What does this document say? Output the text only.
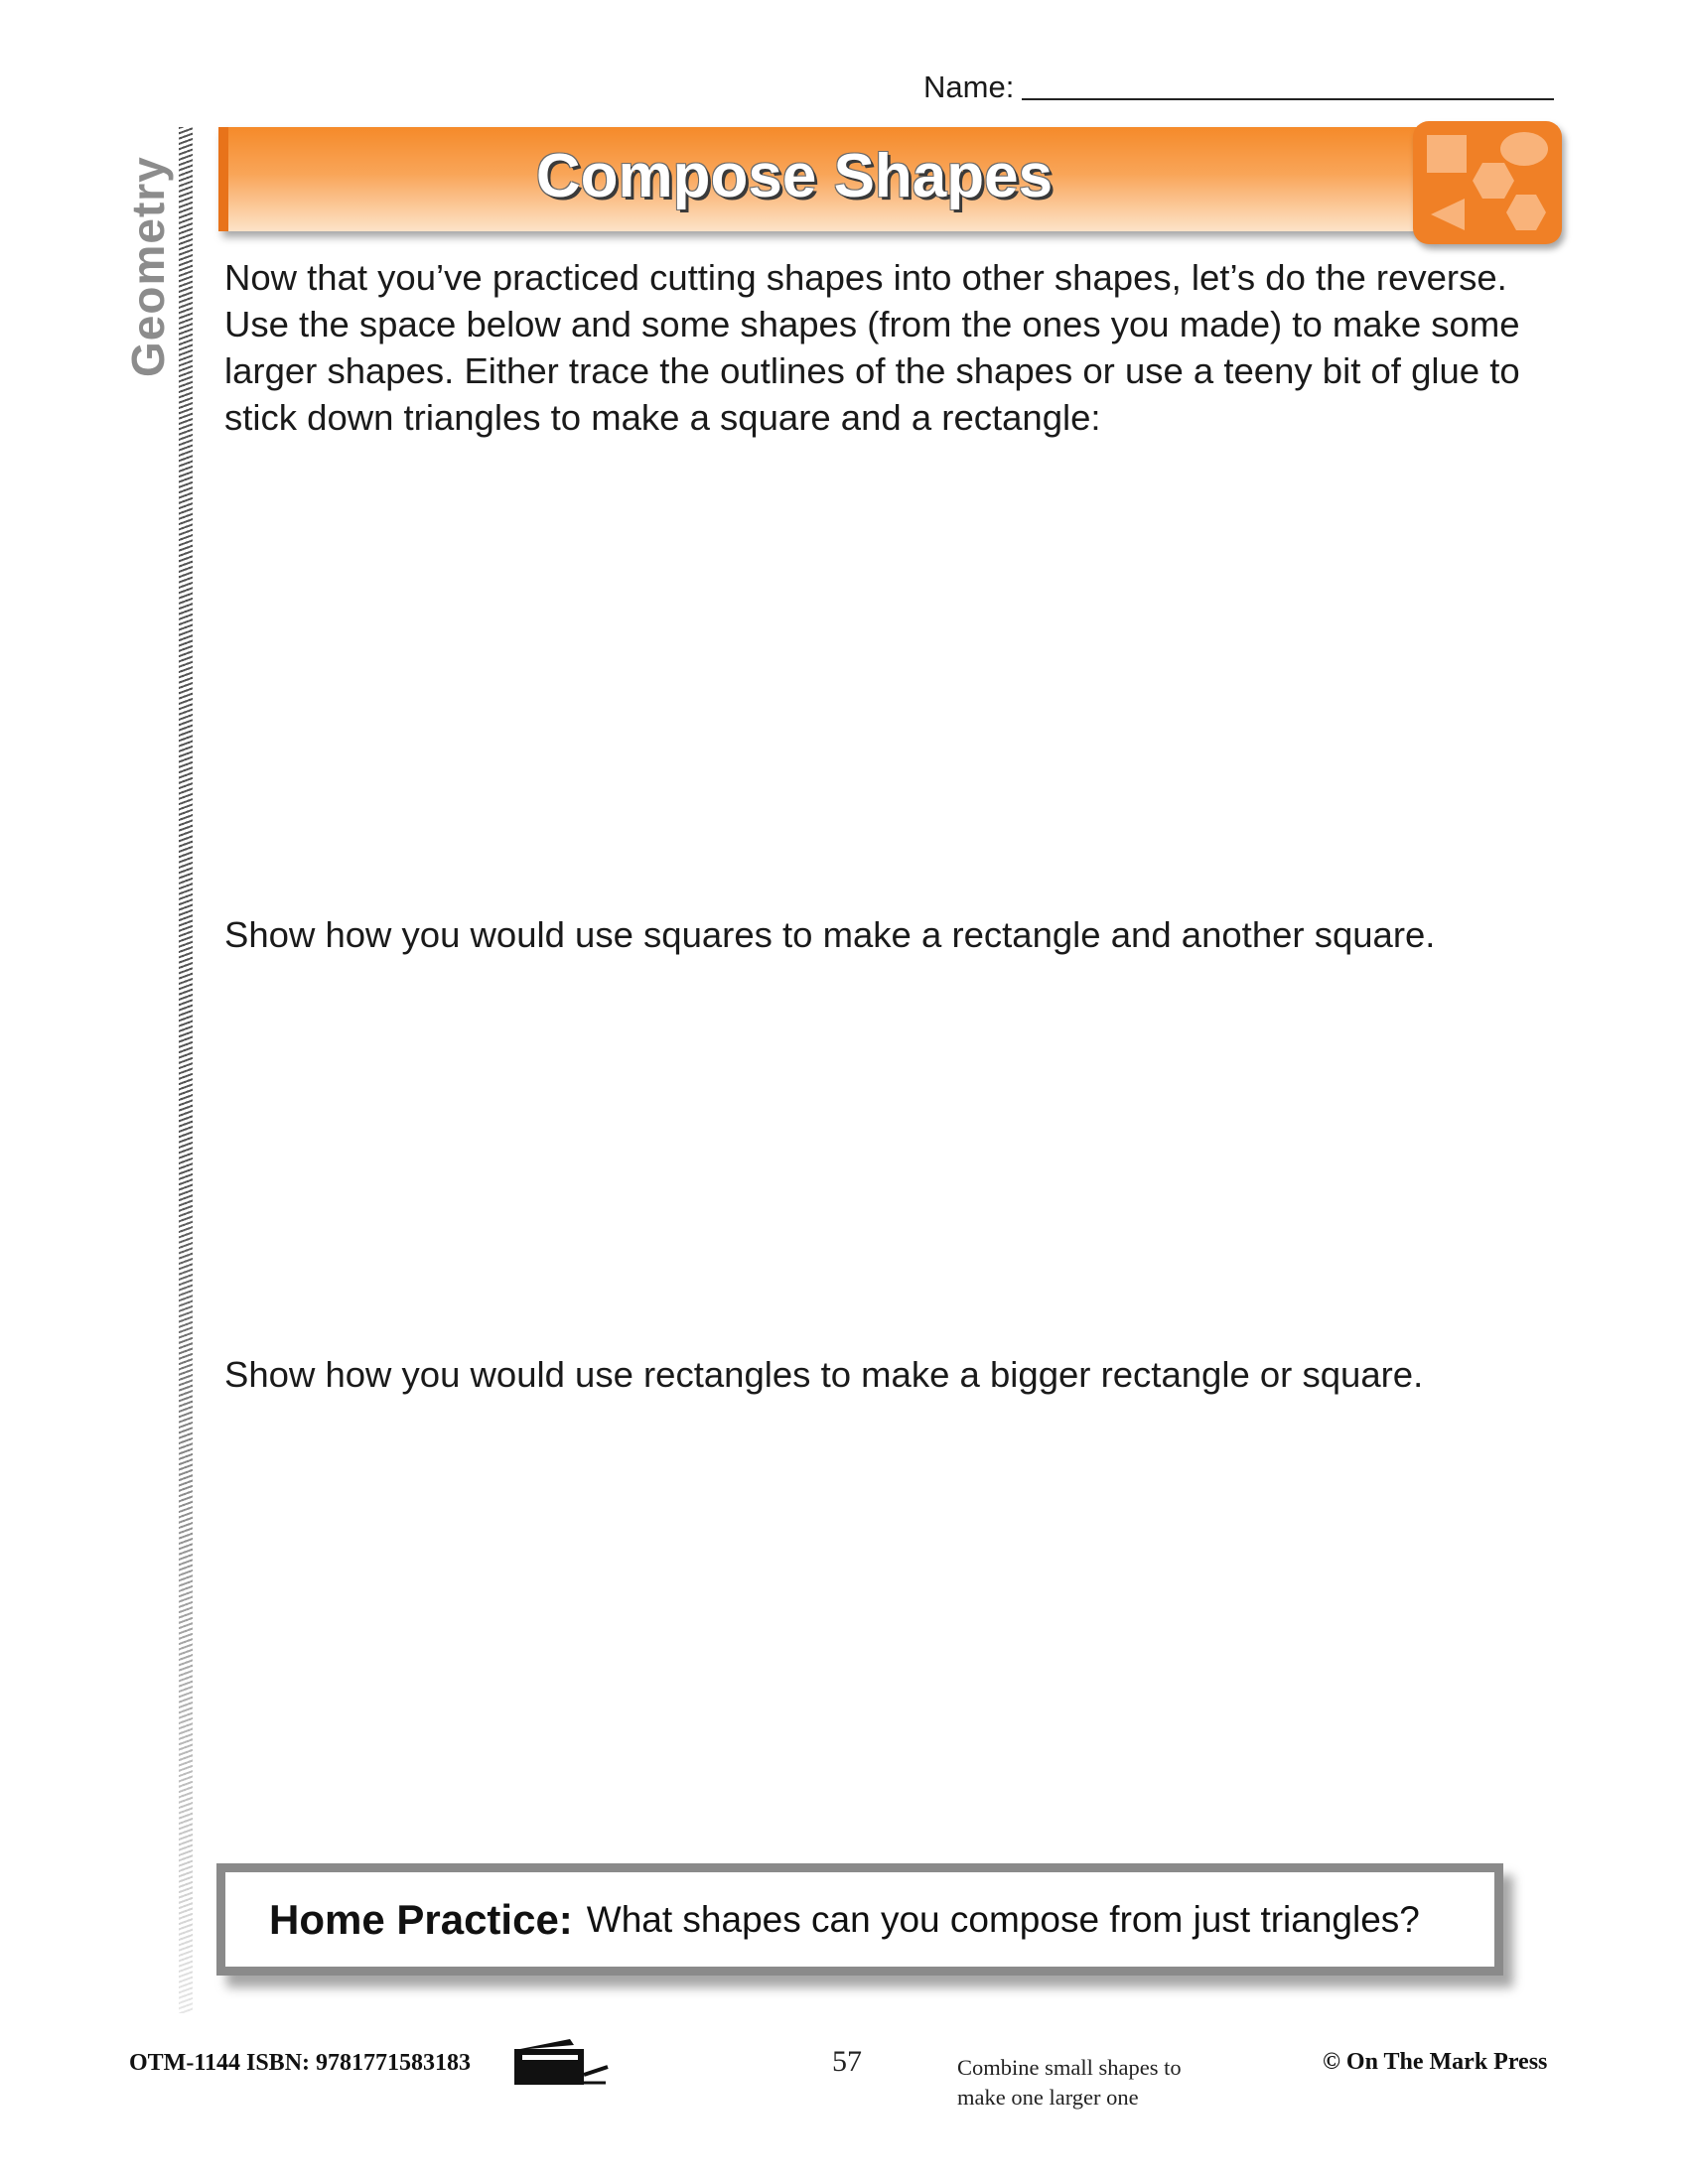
Name:
Geometry	Compose Shapes
Now that you’ve practiced cutting shapes into other shapes, let’s do the reverse. Use the space below and some shapes (from the ones you made) to make some larger shapes. Either trace the outlines of the shapes or use a teeny bit of glue to stick down triangles to make a square and a rectangle:
Show how you would use squares to make a rectangle and another square.
Show how you would use rectangles to make a bigger rectangle or square.
Home Practice: What shapes can you compose from just triangles?
OTM-1144 ISBN: 9781771583183	57	Combine small shapes to
make one larger one
© On The Mark Press
